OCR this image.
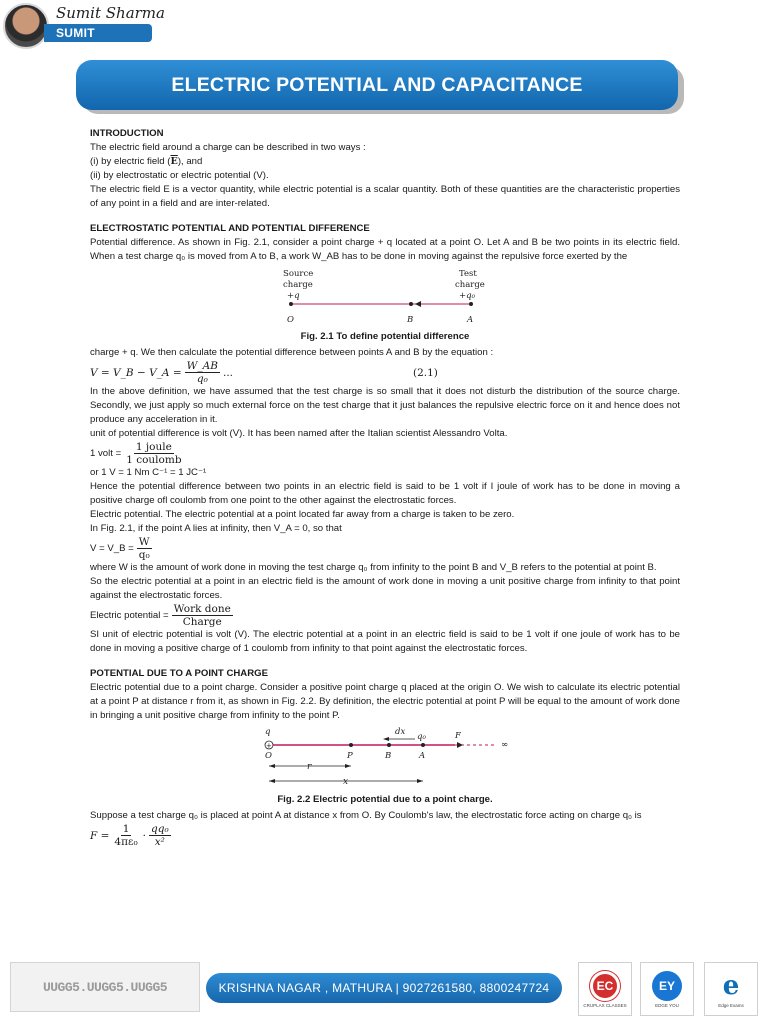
Sumit Sharma
SUMIT SHARMA
ELECTRIC POTENTIAL AND CAPACITANCE
INTRODUCTION
The electric field around a charge can be described in two ways :
(i) by electric field $(\overline{E})$, and
(ii) by electrostatic or electric potential (V).
The electric field E is a vector quantity, while electric potential is a scalar quantity. Both of these quantities are the characteristic properties of any point in a field and are inter-related.
ELECTROSTATIC POTENTIAL AND POTENTIAL DIFFERENCE
Potential difference. As shown in Fig. 2.1, consider a point charge + q located at a point O. Let A and B be two points in its electric field. When a test charge q₀ is moved from A to B, a work W_AB has to be done in moving against the repulsive force exerted by the
Source
charge
+q
Test
charge
+q₀
O	B	A
Fig. 2.1 To define potential difference
charge + q. We then calculate the potential difference between points A and B by the equation :
V = V_B − V_A = $\frac{W\_AB}{\text{q₀}}$ ...	(2.1)
In the above definition, we have assumed that the test charge is so small that it does not disturb the distribution of the source charge. Secondly, we just apply so much external force on the test charge that it just balances the repulsive electric force on it and hence does not produce any acceleration in it.
unit of potential difference is volt (V). It has been named after the Italian scientist Alessandro Volta.
1 volt = $\frac{\text{1 joule}}{\text{1 coulomb}}$
or 1 V = 1 Nm C⁻¹ = 1 JC⁻¹
Hence the potential difference between two points in an electric field is said to be 1 volt if I joule of work has to be done in moving a positive charge ofl coulomb from one point to the other against the electrostatic forces.
Electric potential. The electric potential at a point located far away from a charge is taken to be zero.
In Fig. 2.1, if the point A lies at infinity, then V_A = 0, so that
V = V_B = $\frac{W}{\text{q₀}}$
where W is the amount of work done in moving the test charge q₀ from infinity to the point B and V_B refers to the potential at point B.
So the electric potential at a point in an electric field is the amount of work done in moving a unit positive charge from infinity to that point against the electrostatic forces.
Electric potential = $\frac{\text{Work done}}{\text{Charge}}$
SI unit of electric potential is volt (V). The electric potential at a point in an electric field is said to be 1 volt if one joule of work has to be done in moving a positive charge of 1 coulomb from infinity to that point against the electrostatic forces.
POTENTIAL DUE TO A POINT CHARGE
Electric potential due to a point charge. Consider a positive point charge q placed at the origin O. We wish to calculate its electric potential at a point P at distance r from it, as shown in Fig. 2.2. By definition, the electric potential at point P will be equal to the amount of work done in bringing a unit positive charge from infinity to the point P.
q	dx q₀	F
∞
+
O	P	B	A
r
x
Fig. 2.2 Electric potential due to a point charge.
Suppose a test charge q₀ is placed at point A at distance x from O. By Coulomb's law, the electrostatic force acting on charge q₀ is
$F = \frac{1}{\text{4πε₀}} \cdot \frac{\text{qq₀}}{\text{x²}}$
UUGG5.UUGG5.UUGG5	KRISHNA NAGAR , MATHURA | 9027261580, 8800247724	EC
CRUPLAX CLASSES
EY
EDGE YOU
e
Edge Exams
